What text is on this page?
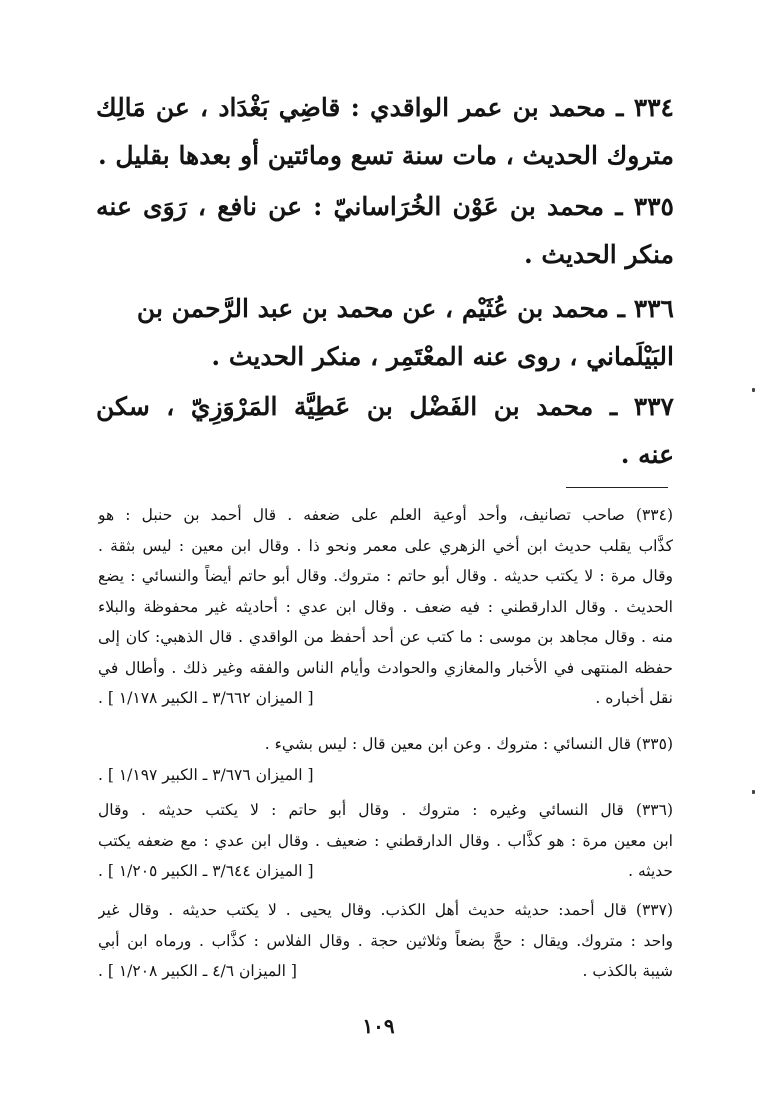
٣٣٤ ـ محمد بن عمر الواقدي : قاضِي بَغْدَاد ، عن مَالِك
متروك الحديث ، مات سنة تسع ومائتين أو بعدها بقليل .
٣٣٥ ـ محمد بن عَوْن الخُرَاسانيّ : عن نافع ، رَوَى عنه
منكر الحديث .
٣٣٦ ـ محمد بن عُثَيْم ، عن محمد بن عبد الرَّحمن بن
البَيْلَماني ، روى عنه المعْتَمِر ، منكر الحديث .
٣٣٧ ـ محمد بن الفَضْل بن عَطِيَّة المَرْوَزِيّ ، سكن
عنه .
(٣٣٤) صاحب تصانيف، وأحد أوعية العلم على ضعفه . قال أحمد بن حنبل : هو
كذَّاب يقلب حديث ابن أخي الزهري على معمر ونحو ذا . وقال ابن معين : ليس بثقة .
وقال مرة : لا يكتب حديثه . وقال أبو حاتم : متروك. وقال أبو حاتم أيضاً والنسائي : يضع
الحديث . وقال الدارقطني : فيه ضعف . وقال ابن عدي : أحاديثه غير محفوظة والبلاء
منه . وقال مجاهد بن موسى : ما كتب عن أحد أحفظ من الواقدي . قال الذهبي: كان إلى
حفظه المنتهى في الأخبار والمغازي والحوادث وأيام الناس والفقه وغير ذلك . وأطال في
نقل أخباره .
[ الميزان ٣/٦٦٢ ـ الكبير ١/١٧٨ ] .
(٣٣٥) قال النسائي : متروك . وعن ابن معين قال : ليس بشيء .
[ الميزان ٣/٦٧٦ ـ الكبير ١/١٩٧ ] .
(٣٣٦) قال النسائي وغيره : متروك . وقال أبو حاتم : لا يكتب حديثه . وقال
ابن معين مرة : هو كذَّاب . وقال الدارقطني : ضعيف . وقال ابن عدي : مع ضعفه يكتب
حديثه .
[ الميزان ٣/٦٤٤ ـ الكبير ١/٢٠٥ ] .
(٣٣٧) قال أحمد: حديثه حديث أهل الكذب. وقال يحيى . لا يكتب حديثه . وقال غير
واحد : متروك. ويقال : حجَّ بضعاً وثلاثين حجة . وقال الفلاس : كذَّاب . ورماه ابن أبي
شيبة بالكذب .
[ الميزان ٤/٦ ـ الكبير ١/٢٠٨ ] .
١٠٩
